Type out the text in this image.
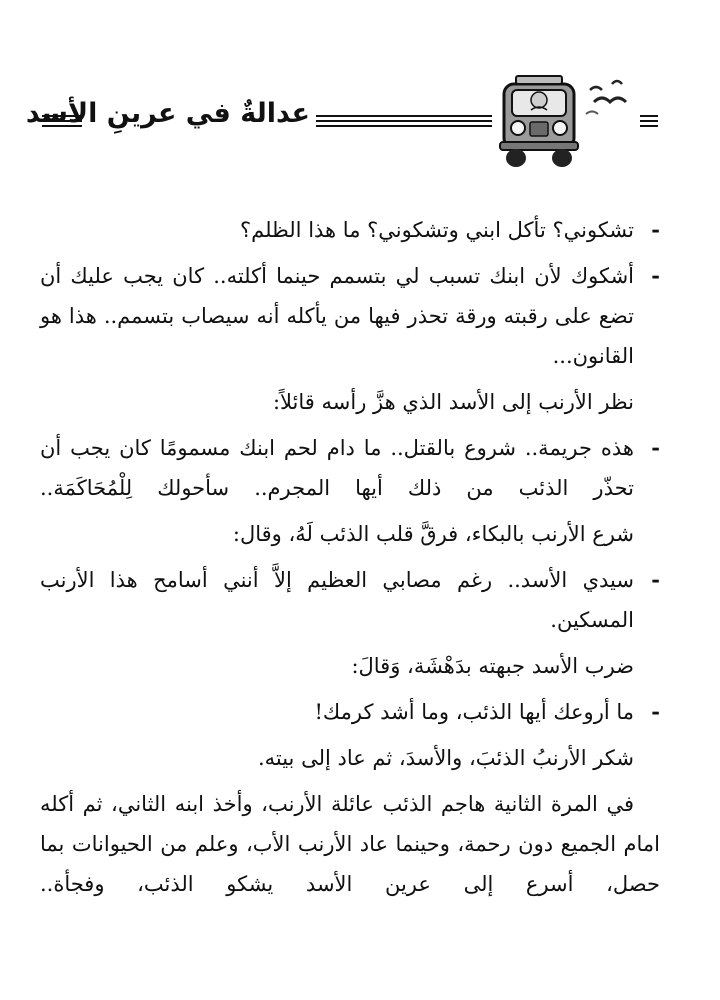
عدالةٌ في عرينِ الأسد

-
تشكوني؟ تأكل ابني وتشكوني؟ ما هذا الظلم؟

-
أشكوك لأن ابنك تسبب لي بتسمم حينما أكلته.. كان يجب عليك أن تضع على رقبته ورقة تحذر فيها من يأكله أنه سيصاب بتسمم.. هذا هو القانون...

نظر الأرنب إلى الأسد الذي هزَّ رأسه قائلاً:

-
هذه جريمة.. شروع بالقتل.. ما دام لحم ابنك مسمومًا كان يجب أن تحذّر الذئب من ذلك أيها المجرم.. سأحولك لِلْمُحَاكَمَة..

شرع الأرنب بالبكاء، فرقَّ قلب الذئب لَهُ، وقال:

-
سيدي الأسد.. رغم مصابي العظيم إلاَّ أنني أسامح هذا الأرنب المسكين.

ضرب الأسد جبهته بدَهْشَة، وَقالَ:

-
ما أروعك أيها الذئب، وما أشد كرمك!

شكر الأرنبُ الذئبَ، والأسدَ، ثم عاد إلى بيته.

في المرة الثانية هاجم الذئب عائلة الأرنب، وأخذ ابنه الثاني، ثم أكله امام الجميع دون رحمة، وحينما عاد الأرنب الأب، وعلم من الحيوانات بما حصل، أسرع إلى عرين الأسد يشكو الذئب، وفجأة..
